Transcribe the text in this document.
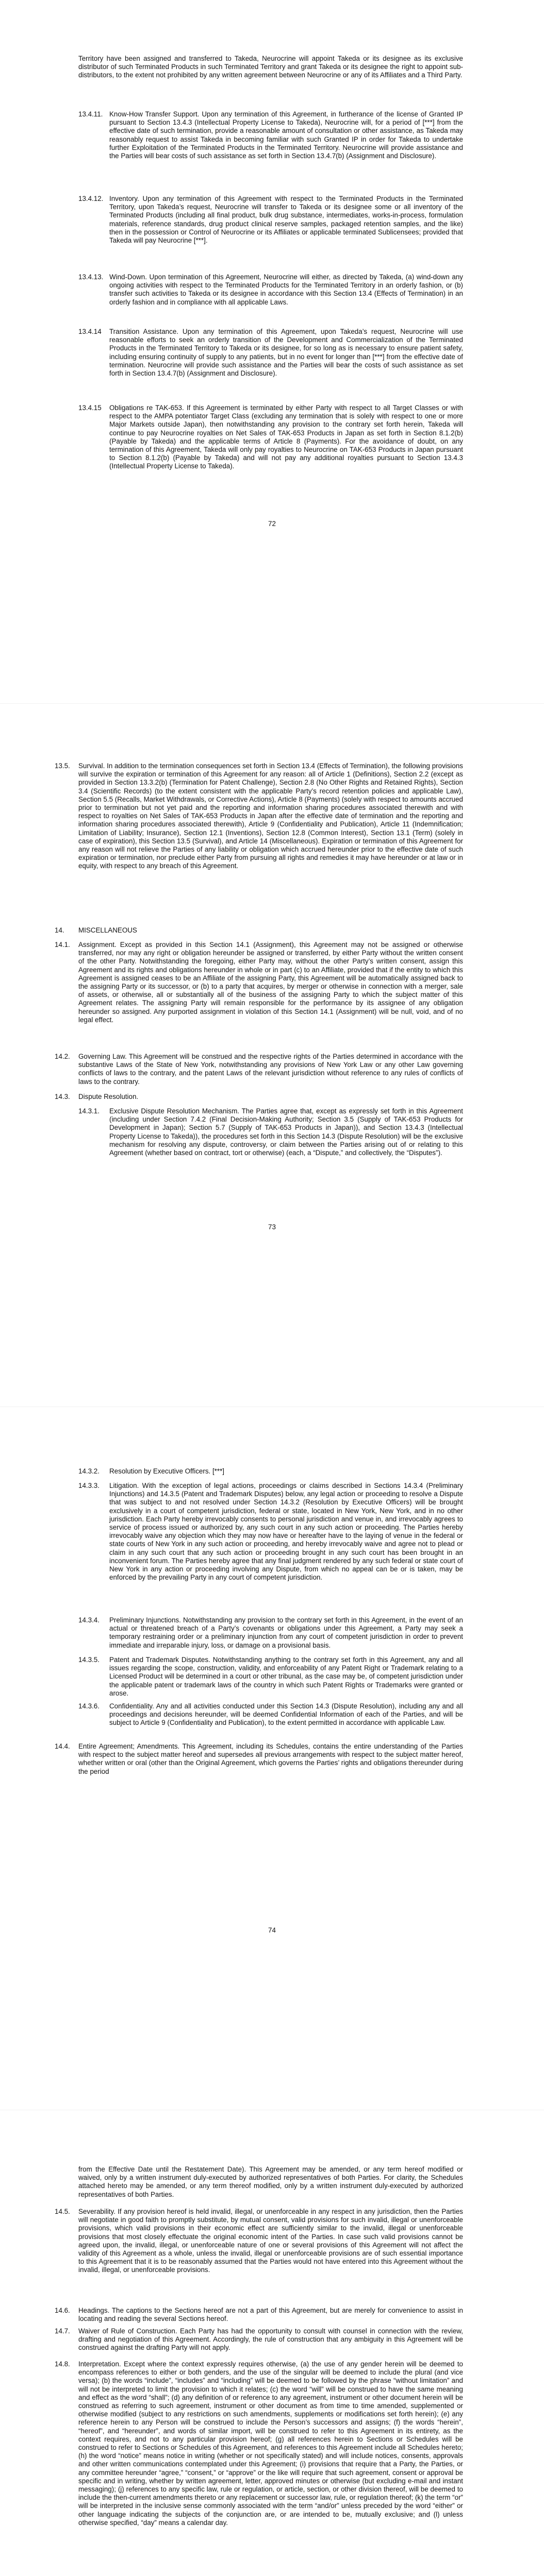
Territory have been assigned and transferred to Takeda, Neurocrine will appoint Takeda or its designee as its exclusive distributor of such Terminated Products in such Terminated Territory and grant Takeda or its designee the right to appoint sub-distributors, to the extent not prohibited by any written agreement between Neurocrine or any of its Affiliates and a Third Party.
13.4.11. Know-How Transfer Support. Upon any termination of this Agreement, in furtherance of the license of Granted IP pursuant to Section 13.4.3 (Intellectual Property License to Takeda), Neurocrine will, for a period of [***] from the effective date of such termination, provide a reasonable amount of consultation or other assistance, as Takeda may reasonably request to assist Takeda in becoming familiar with such Granted IP in order for Takeda to undertake further Exploitation of the Terminated Products in the Terminated Territory. Neurocrine will provide assistance and the Parties will bear costs of such assistance as set forth in Section 13.4.7(b) (Assignment and Disclosure).
13.4.12. Inventory. Upon any termination of this Agreement with respect to the Terminated Products in the Terminated Territory, upon Takeda’s request, Neurocrine will transfer to Takeda or its designee some or all inventory of the Terminated Products (including all final product, bulk drug substance, intermediates, works-in-process, formulation materials, reference standards, drug product clinical reserve samples, packaged retention samples, and the like) then in the possession or Control of Neurocrine or its Affiliates or applicable terminated Sublicensees; provided that Takeda will pay Neurocrine [***].
13.4.13. Wind-Down. Upon termination of this Agreement, Neurocrine will either, as directed by Takeda, (a) wind-down any ongoing activities with respect to the Terminated Products for the Terminated Territory in an orderly fashion, or (b) transfer such activities to Takeda or its designee in accordance with this Section 13.4 (Effects of Termination) in an orderly fashion and in compliance with all applicable Laws.
13.4.14 Transition Assistance. Upon any termination of this Agreement, upon Takeda’s request, Neurocrine will use reasonable efforts to seek an orderly transition of the Development and Commercialization of the Terminated Products in the Terminated Territory to Takeda or its designee, for so long as is necessary to ensure patient safety, including ensuring continuity of supply to any patients, but in no event for longer than [***] from the effective date of termination. Neurocrine will provide such assistance and the Parties will bear the costs of such assistance as set forth in Section 13.4.7(b) (Assignment and Disclosure).
13.4.15 Obligations re TAK-653. If this Agreement is terminated by either Party with respect to all Target Classes or with respect to the AMPA potentiator Target Class (excluding any termination that is solely with respect to one or more Major Markets outside Japan), then notwithstanding any provision to the contrary set forth herein, Takeda will continue to pay Neurocrine royalties on Net Sales of TAK-653 Products in Japan as set forth in Section 8.1.2(b) (Payable by Takeda) and the applicable terms of Article 8 (Payments). For the avoidance of doubt, on any termination of this Agreement, Takeda will only pay royalties to Neurocrine on TAK-653 Products in Japan pursuant to Section 8.1.2(b) (Payable by Takeda) and will not pay any additional royalties pursuant to Section 13.4.3 (Intellectual Property License to Takeda).
72
13.5. Survival. In addition to the termination consequences set forth in Section 13.4 (Effects of Termination), the following provisions will survive the expiration or termination of this Agreement for any reason: all of Article 1 (Definitions), Section 2.2 (except as provided in Section 13.3.2(b) (Termination for Patent Challenge), Section 2.8 (No Other Rights and Retained Rights), Section 3.4 (Scientific Records) (to the extent consistent with the applicable Party’s record retention policies and applicable Law), Section 5.5 (Recalls, Market Withdrawals, or Corrective Actions), Article 8 (Payments) (solely with respect to amounts accrued prior to termination but not yet paid and the reporting and information sharing procedures associated therewith and with respect to royalties on Net Sales of TAK-653 Products in Japan after the effective date of termination and the reporting and information sharing procedures associated therewith), Article 9 (Confidentiality and Publication), Article 11 (Indemnification; Limitation of Liability; Insurance), Section 12.1 (Inventions), Section 12.8 (Common Interest), Section 13.1 (Term) (solely in case of expiration), this Section 13.5 (Survival), and Article 14 (Miscellaneous). Expiration or termination of this Agreement for any reason will not relieve the Parties of any liability or obligation which accrued hereunder prior to the effective date of such expiration or termination, nor preclude either Party from pursuing all rights and remedies it may have hereunder or at law or in equity, with respect to any breach of this Agreement.
14. MISCELLANEOUS
14.1. Assignment. Except as provided in this Section 14.1 (Assignment), this Agreement may not be assigned or otherwise transferred, nor may any right or obligation hereunder be assigned or transferred, by either Party without the written consent of the other Party. Notwithstanding the foregoing, either Party may, without the other Party’s written consent, assign this Agreement and its rights and obligations hereunder in whole or in part (c) to an Affiliate, provided that if the entity to which this Agreement is assigned ceases to be an Affiliate of the assigning Party, this Agreement will be automatically assigned back to the assigning Party or its successor, or (b) to a party that acquires, by merger or otherwise in connection with a merger, sale of assets, or otherwise, all or substantially all of the business of the assigning Party to which the subject matter of this Agreement relates. The assigning Party will remain responsible for the performance by its assignee of any obligation hereunder so assigned. Any purported assignment in violation of this Section 14.1 (Assignment) will be null, void, and of no legal effect.
14.2. Governing Law. This Agreement will be construed and the respective rights of the Parties determined in accordance with the substantive Laws of the State of New York, notwithstanding any provisions of New York Law or any other Law governing conflicts of laws to the contrary, and the patent Laws of the relevant jurisdiction without reference to any rules of conflicts of laws to the contrary.
14.3. Dispute Resolution.
14.3.1. Exclusive Dispute Resolution Mechanism. The Parties agree that, except as expressly set forth in this Agreement (including under Section 7.4.2 (Final Decision-Making Authority; Section 3.5 (Supply of TAK-653 Products for Development in Japan); Section 5.7 (Supply of TAK-653 Products in Japan)), and Section 13.4.3 (Intellectual Property License to Takeda)), the procedures set forth in this Section 14.3 (Dispute Resolution) will be the exclusive mechanism for resolving any dispute, controversy, or claim between the Parties arising out of or relating to this Agreement (whether based on contract, tort or otherwise) (each, a “Dispute,” and collectively, the “Disputes”).
73
14.3.2. Resolution by Executive Officers. [***]
14.3.3. Litigation. With the exception of legal actions, proceedings or claims described in Sections 14.3.4 (Preliminary Injunctions) and 14.3.5 (Patent and Trademark Disputes) below, any legal action or proceeding to resolve a Dispute that was subject to and not resolved under Section 14.3.2 (Resolution by Executive Officers) will be brought exclusively in a court of competent jurisdiction, federal or state, located in New York, New York, and in no other jurisdiction. Each Party hereby irrevocably consents to personal jurisdiction and venue in, and irrevocably agrees to service of process issued or authorized by, any such court in any such action or proceeding. The Parties hereby irrevocably waive any objection which they may now have or hereafter have to the laying of venue in the federal or state courts of New York in any such action or proceeding, and hereby irrevocably waive and agree not to plead or claim in any such court that any such action or proceeding brought in any such court has been brought in an inconvenient forum. The Parties hereby agree that any final judgment rendered by any such federal or state court of New York in any action or proceeding involving any Dispute, from which no appeal can be or is taken, may be enforced by the prevailing Party in any court of competent jurisdiction.
14.3.4. Preliminary Injunctions. Notwithstanding any provision to the contrary set forth in this Agreement, in the event of an actual or threatened breach of a Party’s covenants or obligations under this Agreement, a Party may seek a temporary restraining order or a preliminary injunction from any court of competent jurisdiction in order to prevent immediate and irreparable injury, loss, or damage on a provisional basis.
14.3.5. Patent and Trademark Disputes. Notwithstanding anything to the contrary set forth in this Agreement, any and all issues regarding the scope, construction, validity, and enforceability of any Patent Right or Trademark relating to a Licensed Product will be determined in a court or other tribunal, as the case may be, of competent jurisdiction under the applicable patent or trademark laws of the country in which such Patent Rights or Trademarks were granted or arose.
14.3.6. Confidentiality. Any and all activities conducted under this Section 14.3 (Dispute Resolution), including any and all proceedings and decisions hereunder, will be deemed Confidential Information of each of the Parties, and will be subject to Article 9 (Confidentiality and Publication), to the extent permitted in accordance with applicable Law.
14.4. Entire Agreement; Amendments. This Agreement, including its Schedules, contains the entire understanding of the Parties with respect to the subject matter hereof and supersedes all previous arrangements with respect to the subject matter hereof, whether written or oral (other than the Original Agreement, which governs the Parties’ rights and obligations thereunder during the period
74
from the Effective Date until the Restatement Date). This Agreement may be amended, or any term hereof modified or waived, only by a written instrument duly-executed by authorized representatives of both Parties. For clarity, the Schedules attached hereto may be amended, or any term thereof modified, only by a written instrument duly-executed by authorized representatives of both Parties.
14.5. Severability. If any provision hereof is held invalid, illegal, or unenforceable in any respect in any jurisdiction, then the Parties will negotiate in good faith to promptly substitute, by mutual consent, valid provisions for such invalid, illegal or unenforceable provisions, which valid provisions in their economic effect are sufficiently similar to the invalid, illegal or unenforceable provisions that most closely effectuate the original economic intent of the Parties. In case such valid provisions cannot be agreed upon, the invalid, illegal, or unenforceable nature of one or several provisions of this Agreement will not affect the validity of this Agreement as a whole, unless the invalid, illegal or unenforceable provisions are of such essential importance to this Agreement that it is to be reasonably assumed that the Parties would not have entered into this Agreement without the invalid, illegal, or unenforceable provisions.
14.6. Headings. The captions to the Sections hereof are not a part of this Agreement, but are merely for convenience to assist in locating and reading the several Sections hereof.
14.7. Waiver of Rule of Construction. Each Party has had the opportunity to consult with counsel in connection with the review, drafting and negotiation of this Agreement. Accordingly, the rule of construction that any ambiguity in this Agreement will be construed against the drafting Party will not apply.
14.8. Interpretation. Except where the context expressly requires otherwise, (a) the use of any gender herein will be deemed to encompass references to either or both genders, and the use of the singular will be deemed to include the plural (and vice versa); (b) the words “include”, “includes” and “including” will be deemed to be followed by the phrase “without limitation” and will not be interpreted to limit the provision to which it relates; (c) the word “will” will be construed to have the same meaning and effect as the word “shall”; (d) any definition of or reference to any agreement, instrument or other document herein will be construed as referring to such agreement, instrument or other document as from time to time amended, supplemented or otherwise modified (subject to any restrictions on such amendments, supplements or modifications set forth herein); (e) any reference herein to any Person will be construed to include the Person’s successors and assigns; (f) the words “herein”, “hereof”, and “hereunder”, and words of similar import, will be construed to refer to this Agreement in its entirety, as the context requires, and not to any particular provision hereof; (g) all references herein to Sections or Schedules will be construed to refer to Sections or Schedules of this Agreement, and references to this Agreement include all Schedules hereto; (h) the word “notice” means notice in writing (whether or not specifically stated) and will include notices, consents, approvals and other written communications contemplated under this Agreement; (i) provisions that require that a Party, the Parties, or any committee hereunder “agree,” “consent,” or “approve” or the like will require that such agreement, consent or approval be specific and in writing, whether by written agreement, letter, approved minutes or otherwise (but excluding e-mail and instant messaging); (j) references to any specific law, rule or regulation, or article, section, or other division thereof, will be deemed to include the then-current amendments thereto or any replacement or successor law, rule, or regulation thereof; (k) the term “or” will be interpreted in the inclusive sense commonly associated with the term “and/or” unless preceded by the word “either” or other language indicating the subjects of the conjunction are, or are intended to be, mutually exclusive; and (l) unless otherwise specified, “day” means a calendar day.
